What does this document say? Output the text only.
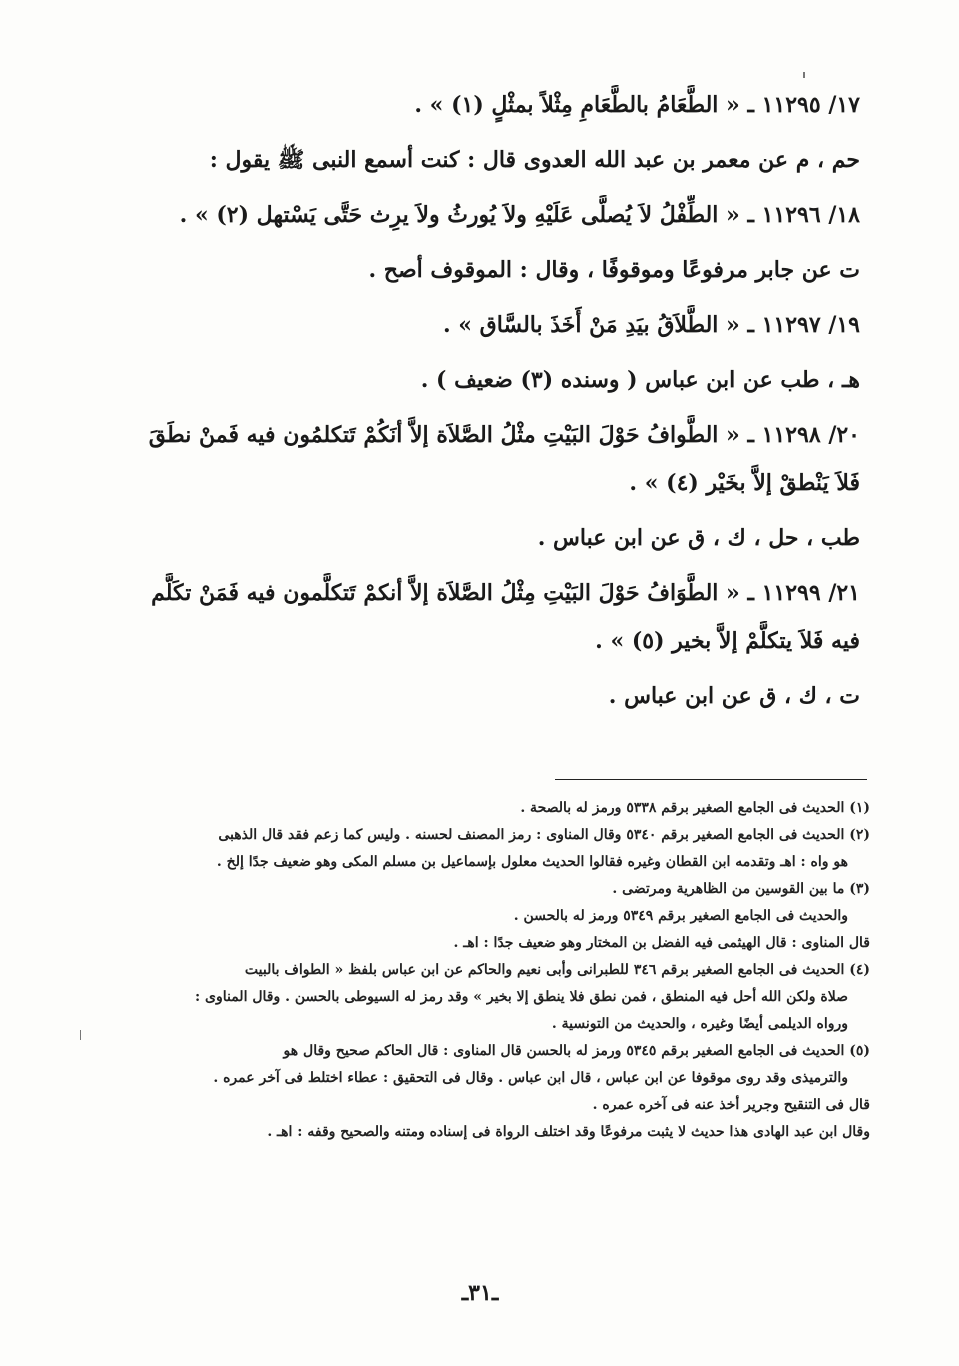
١٧/ ١١٢٩٥ ـ « الطَّعَامُ بالطَّعَامِ مِثْلاً بمثْلٍ (١) » .
حم ، م عن معمر بن عبد الله العدوى قال : كنت أسمع النبى ﷺ يقول :
١٨/ ١١٢٩٦ ـ « الطِّفْلُ لاَ يُصلَّى عَلَيْهِ ولاَ يُورثُ ولاَ يرِث حَتَّى يَسْتهل (٢) » .
ت عن جابر مرفوعًا وموقوفًا ، وقال : الموقوف أصح .
١٩/ ١١٢٩٧ ـ « الطَّلاَقُ بيَدِ مَنْ أَخَذَ بالسَّاق » .
هـ ، طب عن ابن عباس ( وسنده (٣) ضعيف ) .
٢٠/ ١١٢٩٨ ـ « الطَّوافُ حَوْلَ البَيْتِ مثْلُ الصَّلاَة إلاَّ أنَكُمْ تَتكلمُون فيه فَمنْ نطَقَ
فَلاَ يَنْطقْ إلاَّ بخَيْر (٤) » .
طب ، حل ، ك ، ق عن ابن عباس .
٢١/ ١١٢٩٩ ـ « الطَّوَافُ حَوْلَ البَيْتِ مِثْلُ الصَّلاَة إلاَّ أنكمْ تَتكلَّمون فيه فَمَنْ تكَلَّم
فيه فَلاَ يتكلَّمْ إلاَّ بخير (٥) » .
ت ، ك ، ق عن ابن عباس .
(١) الحديث فى الجامع الصغير برقم ٥٣٣٨ ورمز له بالصحة .
(٢) الحديث فى الجامع الصغير برقم ٥٣٤٠ وقال المناوى : رمز المصنف لحسنه . وليس كما زعم فقد قال الذهبى
هو واه : اهـ وتقدمه ابن القطان وغيره فقالوا الحديث معلول بإسماعيل بن مسلم المكى وهو ضعيف جدًا إلخ .
(٣) ما بين القوسين من الظاهرية ومرتضى .
والحديث فى الجامع الصغير برقم ٥٣٤٩ ورمز له بالحسن .
قال المناوى : قال الهيثمى فيه الفضل بن المختار وهو ضعيف جدًا : اهـ .
(٤) الحديث فى الجامع الصغير برقم ٣٤٦ للطبرانى وأبى نعيم والحاكم عن ابن عباس بلفظ « الطواف بالبيت
صلاة ولكن الله أحل فيه المنطق ، فمن نطق فلا ينطق إلا بخير » وقد رمز له السيوطى بالحسن . وقال المناوى :
ورواه الديلمى أيضًا وغيره ، والحديث من التونسية .
(٥) الحديث فى الجامع الصغير برقم ٥٣٤٥ ورمز له بالحسن قال المناوى : قال الحاكم صحيح وقال هو
والترميذى وقد روى موقوفا عن ابن عباس ، قال ابن عباس . وقال فى التحقيق : عطاء اختلط فى آخر عمره .
قال فى التنقيح وجرير أخذ عنه فى آخره عمره .
وقال ابن عبد الهادى هذا حديث لا يثبت مرفوعًا وقد اختلف الرواة فى إسناده ومتنه والصحيح وقفه : اهـ .
ـ٣١ـ
